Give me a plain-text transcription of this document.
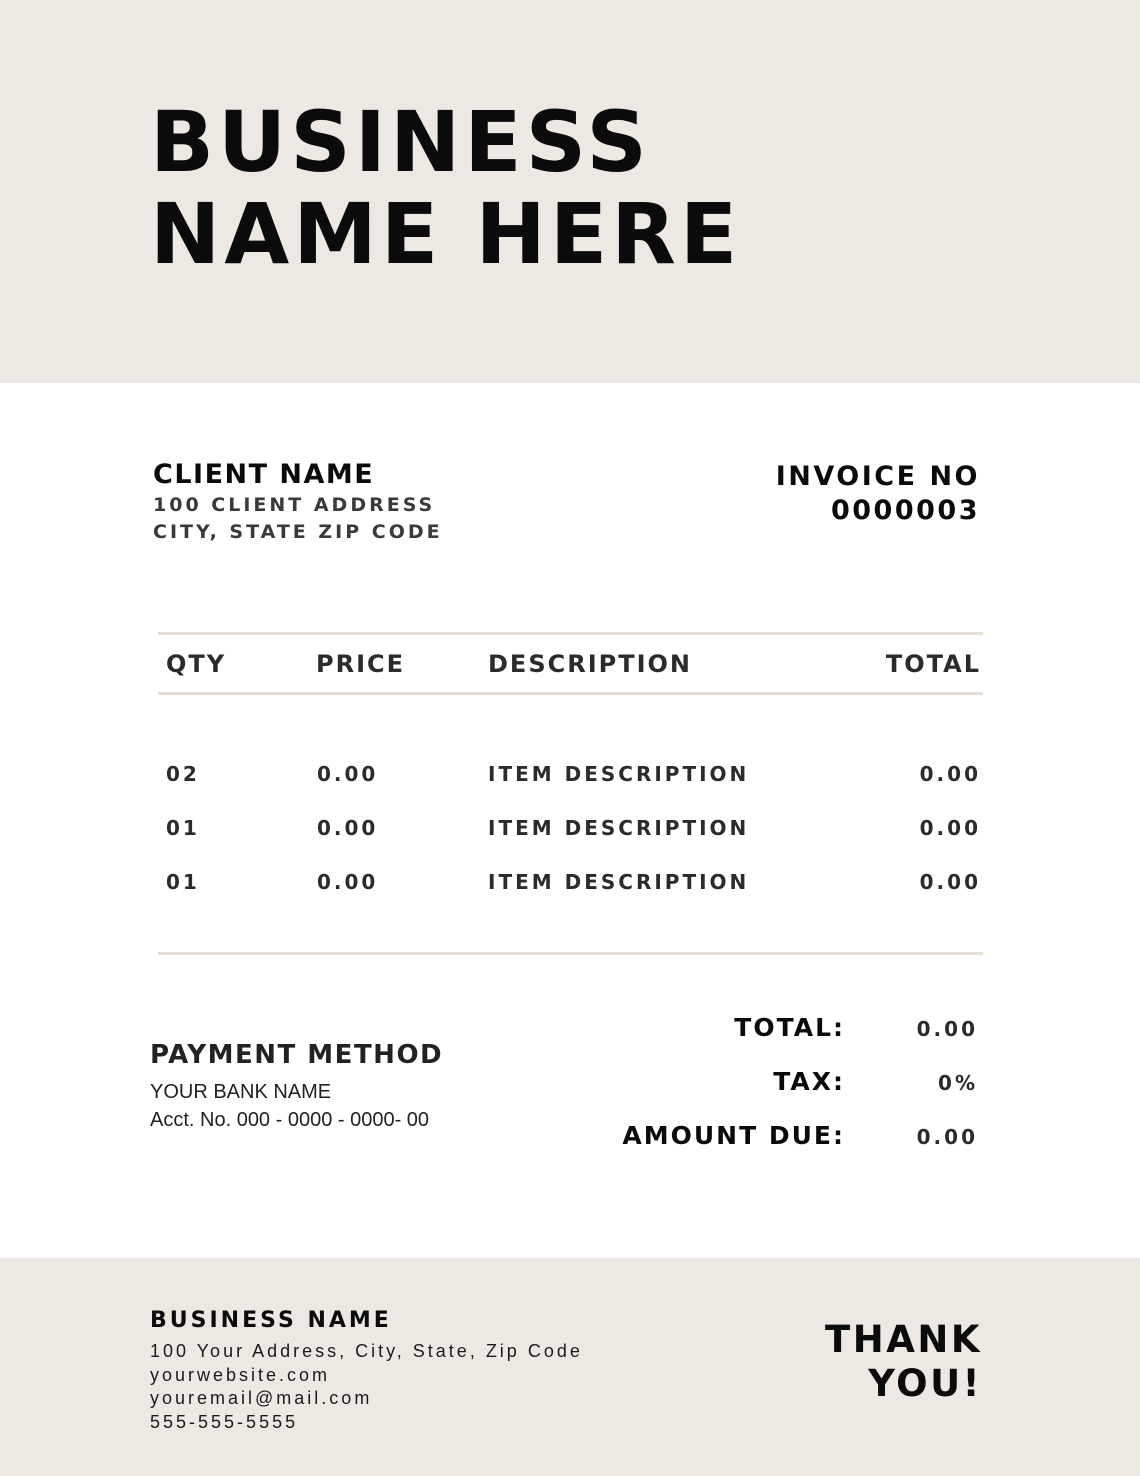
BUSINESS
NAME HERE
CLIENT NAME
100 CLIENT ADDRESS
CITY, STATE ZIP CODE
INVOICE NO
0000003
QTY	PRICE	DESCRIPTION	TOTAL
02	0.00	ITEM DESCRIPTION	0.00
01	0.00	ITEM DESCRIPTION	0.00
01	0.00	ITEM DESCRIPTION	0.00
PAYMENT METHOD
YOUR BANK NAME
Acct. No. 000 - 0000 - 0000- 00
TOTAL:	0.00
TAX:	0%
AMOUNT DUE:	0.00
BUSINESS NAME
100 Your Address, City, State, Zip Code
yourwebsite.com
youremail@mail.com
555-555-5555
THANK
YOU!
